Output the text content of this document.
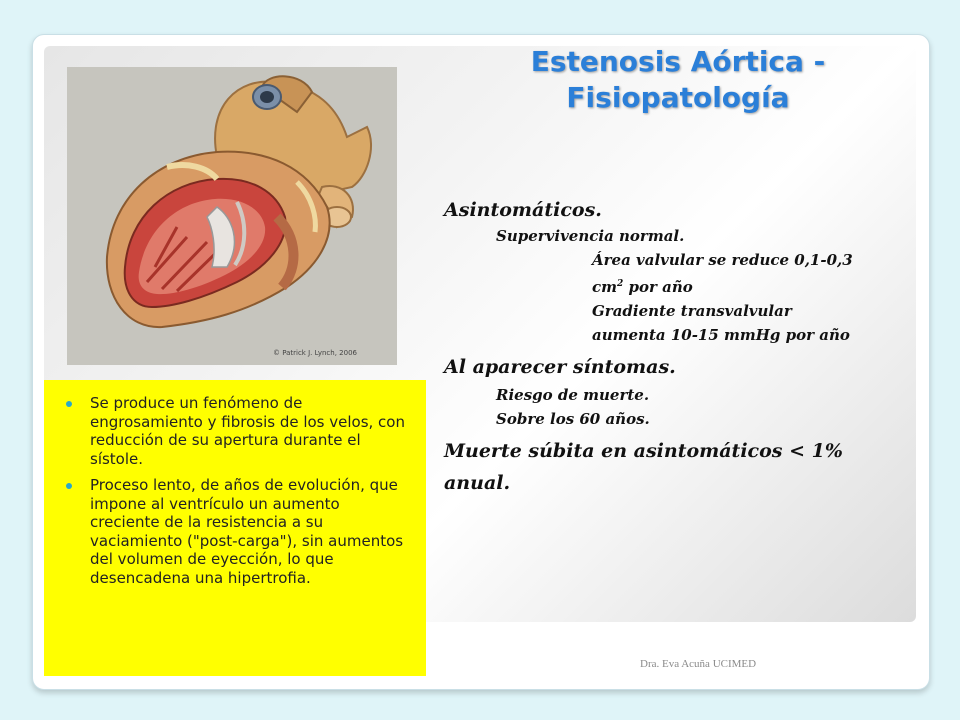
Estenosis Aórtica -
Fisiopatología
© Patrick J. Lynch, 2006
Se produce un fenómeno de engrosamiento y fibrosis de los velos, con reducción de su apertura durante el sístole.
Proceso lento, de años de evolución, que impone al ventrículo un aumento creciente de la resistencia a su vaciamiento ("post-carga"), sin aumentos del volumen de eyección, lo que desencadena una hipertrofia.
Asintomáticos.
Supervivencia normal.
Área valvular se reduce 0,1-0,3 $cm^2$ por año
Gradiente transvalvular aumenta 10-15 mmHg por año
Al aparecer síntomas.
Riesgo de muerte.
Sobre los 60 años.
Muerte súbita en asintomáticos < 1% anual.
Dra. Eva Acuña UCIMED
